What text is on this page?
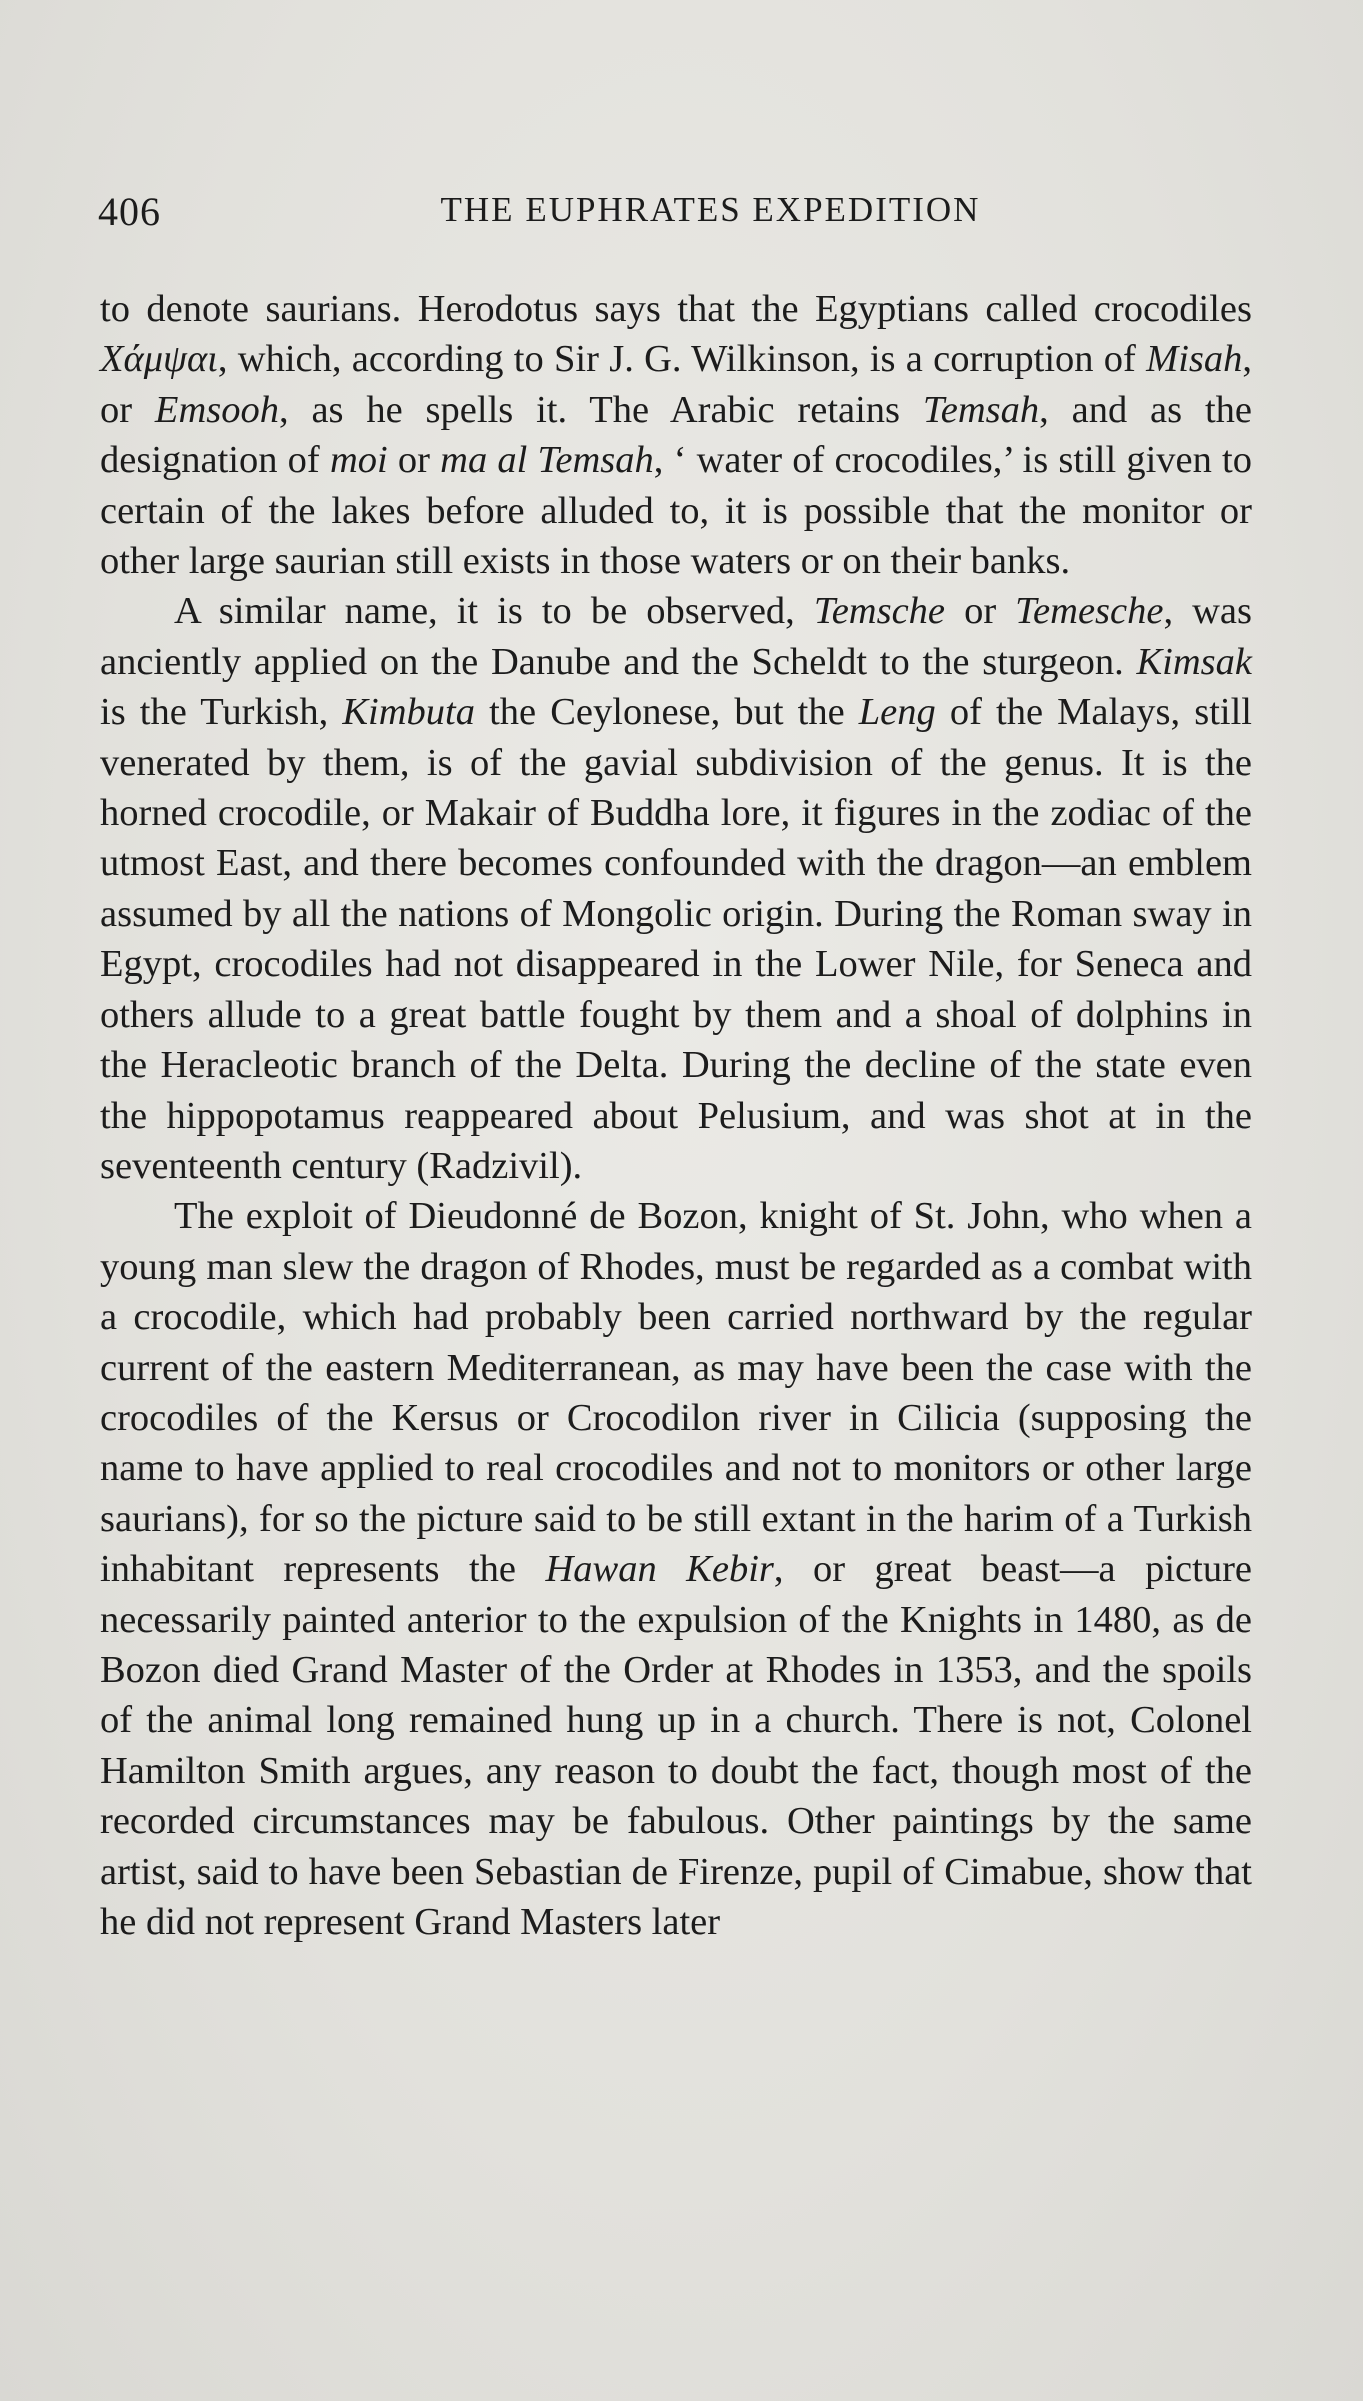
406	THE EUPHRATES EXPEDITION

to denote saurians. Herodotus says that the Egyptians called crocodiles Χάμψαι, which, according to Sir J. G. Wilkinson, is a corruption of Misah, or Emsooh, as he spells it. The Arabic retains Temsah, and as the designation of moi or ma al Temsah, ‘ water of crocodiles,’ is still given to certain of the lakes before alluded to, it is possible that the monitor or other large saurian still exists in those waters or on their banks.

A similar name, it is to be observed, Temsche or Temesche, was anciently applied on the Danube and the Scheldt to the sturgeon. Kimsak is the Turkish, Kimbuta the Ceylonese, but the Leng of the Malays, still venerated by them, is of the gavial subdivision of the genus. It is the horned crocodile, or Makair of Buddha lore, it figures in the zodiac of the utmost East, and there becomes confounded with the dragon—an emblem assumed by all the nations of Mongolic origin. During the Roman sway in Egypt, crocodiles had not disappeared in the Lower Nile, for Seneca and others allude to a great battle fought by them and a shoal of dolphins in the Heracleotic branch of the Delta. During the decline of the state even the hippopotamus reappeared about Pelusium, and was shot at in the seventeenth century (Radzivil).

The exploit of Dieudonné de Bozon, knight of St. John, who when a young man slew the dragon of Rhodes, must be regarded as a combat with a crocodile, which had probably been carried northward by the regular current of the eastern Mediterranean, as may have been the case with the crocodiles of the Kersus or Crocodilon river in Cilicia (supposing the name to have applied to real crocodiles and not to monitors or other large saurians), for so the picture said to be still extant in the harim of a Turkish inhabitant represents the Hawan Kebir, or great beast—a picture necessarily painted anterior to the expulsion of the Knights in 1480, as de Bozon died Grand Master of the Order at Rhodes in 1353, and the spoils of the animal long remained hung up in a church. There is not, Colonel Hamilton Smith argues, any reason to doubt the fact, though most of the recorded circumstances may be fabulous. Other paintings by the same artist, said to have been Sebastian de Firenze, pupil of Cimabue, show that he did not represent Grand Masters later
